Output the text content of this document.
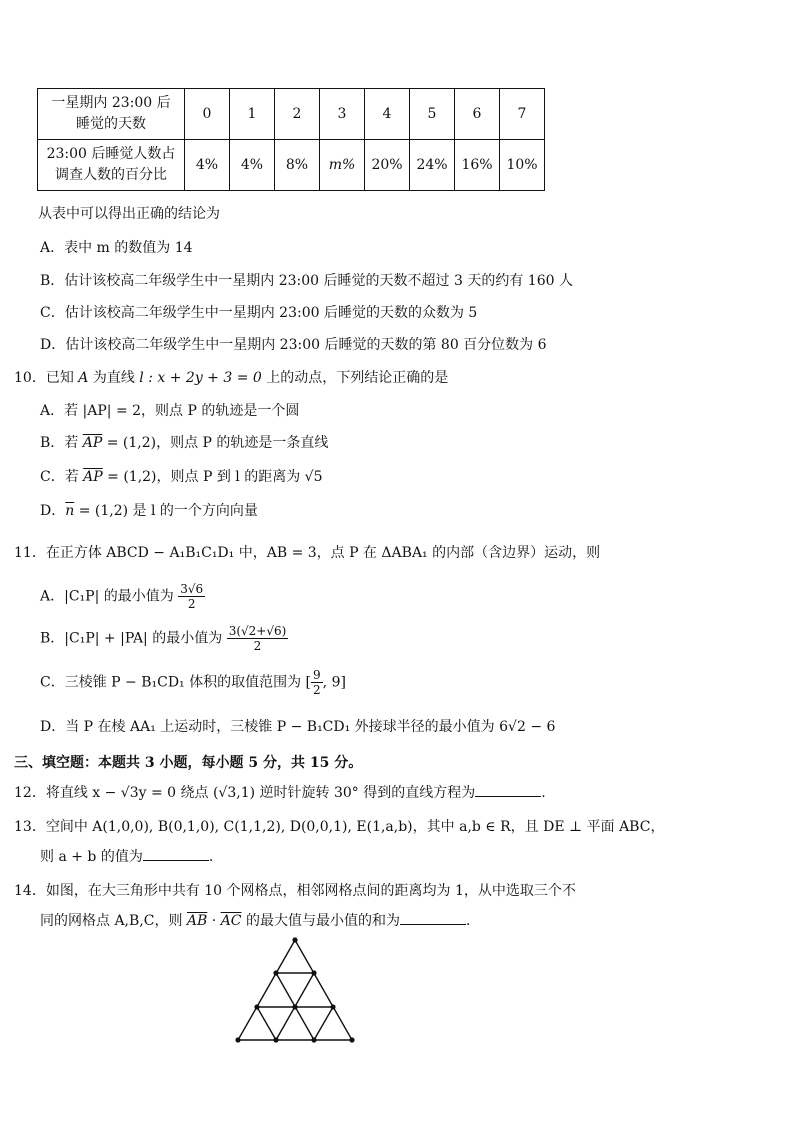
一星期内 23:00 后
睡觉的天数	0	1	2	3	4	5	6	7
23:00 后睡觉人数占
调查人数的百分比	4%	4%	8%	m%	20%	24%	16%	10%
从表中可以得出正确的结论为
A．表中 m 的数值为 14
B．估计该校高二年级学生中一星期内 23:00 后睡觉的天数不超过 3 天的约有 160 人
C．估计该校高二年级学生中一星期内 23:00 后睡觉的天数的众数为 5
D．估计该校高二年级学生中一星期内 23:00 后睡觉的天数的第 80 百分位数为 6
10．已知 A 为直线 l : x + 2y + 3 = 0 上的动点，下列结论正确的是
A．若 |AP| = 2，则点 P 的轨迹是一个圆
B．若 $\overline{AP} = (1,2)$，则点 P 的轨迹是一条直线
C．若 $\overline{AP} = (1,2)$，则点 P 到 l 的距离为 √5
D．$\overline{n} = (1,2)$ 是 l 的一个方向向量
11．在正方体 ABCD − A₁B₁C₁D₁ 中，AB = 3，点 P 在 ΔABA₁ 的内部（含边界）运动，则
A．|C₁P| 的最小值为 $\frac{3√6}{2}$
B．|C₁P| + |PA| 的最小值为 $\frac{3(√2+√6)}{2}$
C．三棱锥 P − B₁CD₁ 体积的取值范围为 [ $\frac{9}{2}$ , 9]
D．当 P 在棱 AA₁ 上运动时，三棱锥 P − B₁CD₁ 外接球半径的最小值为 6√2 − 6
三、填空题：本题共 3 小题，每小题 5 分，共 15 分。
12．将直线 x − √3y = 0 绕点 (√3,1) 逆时针旋转 30° 得到的直线方程为	.
13．空间中 A(1,0,0), B(0,1,0), C(1,1,2), D(0,0,1), E(1,a,b)，其中 a,b ∈ R，且 DE ⊥ 平面 ABC，
则 a + b 的值为	.
14．如图，在大三角形中共有 10 个网格点，相邻网格点间的距离均为 1，从中选取三个不
同的网格点 A,B,C，则 $\overline{AB} \cdot \overline{AC}$ 的最大值与最小值的和为	.
